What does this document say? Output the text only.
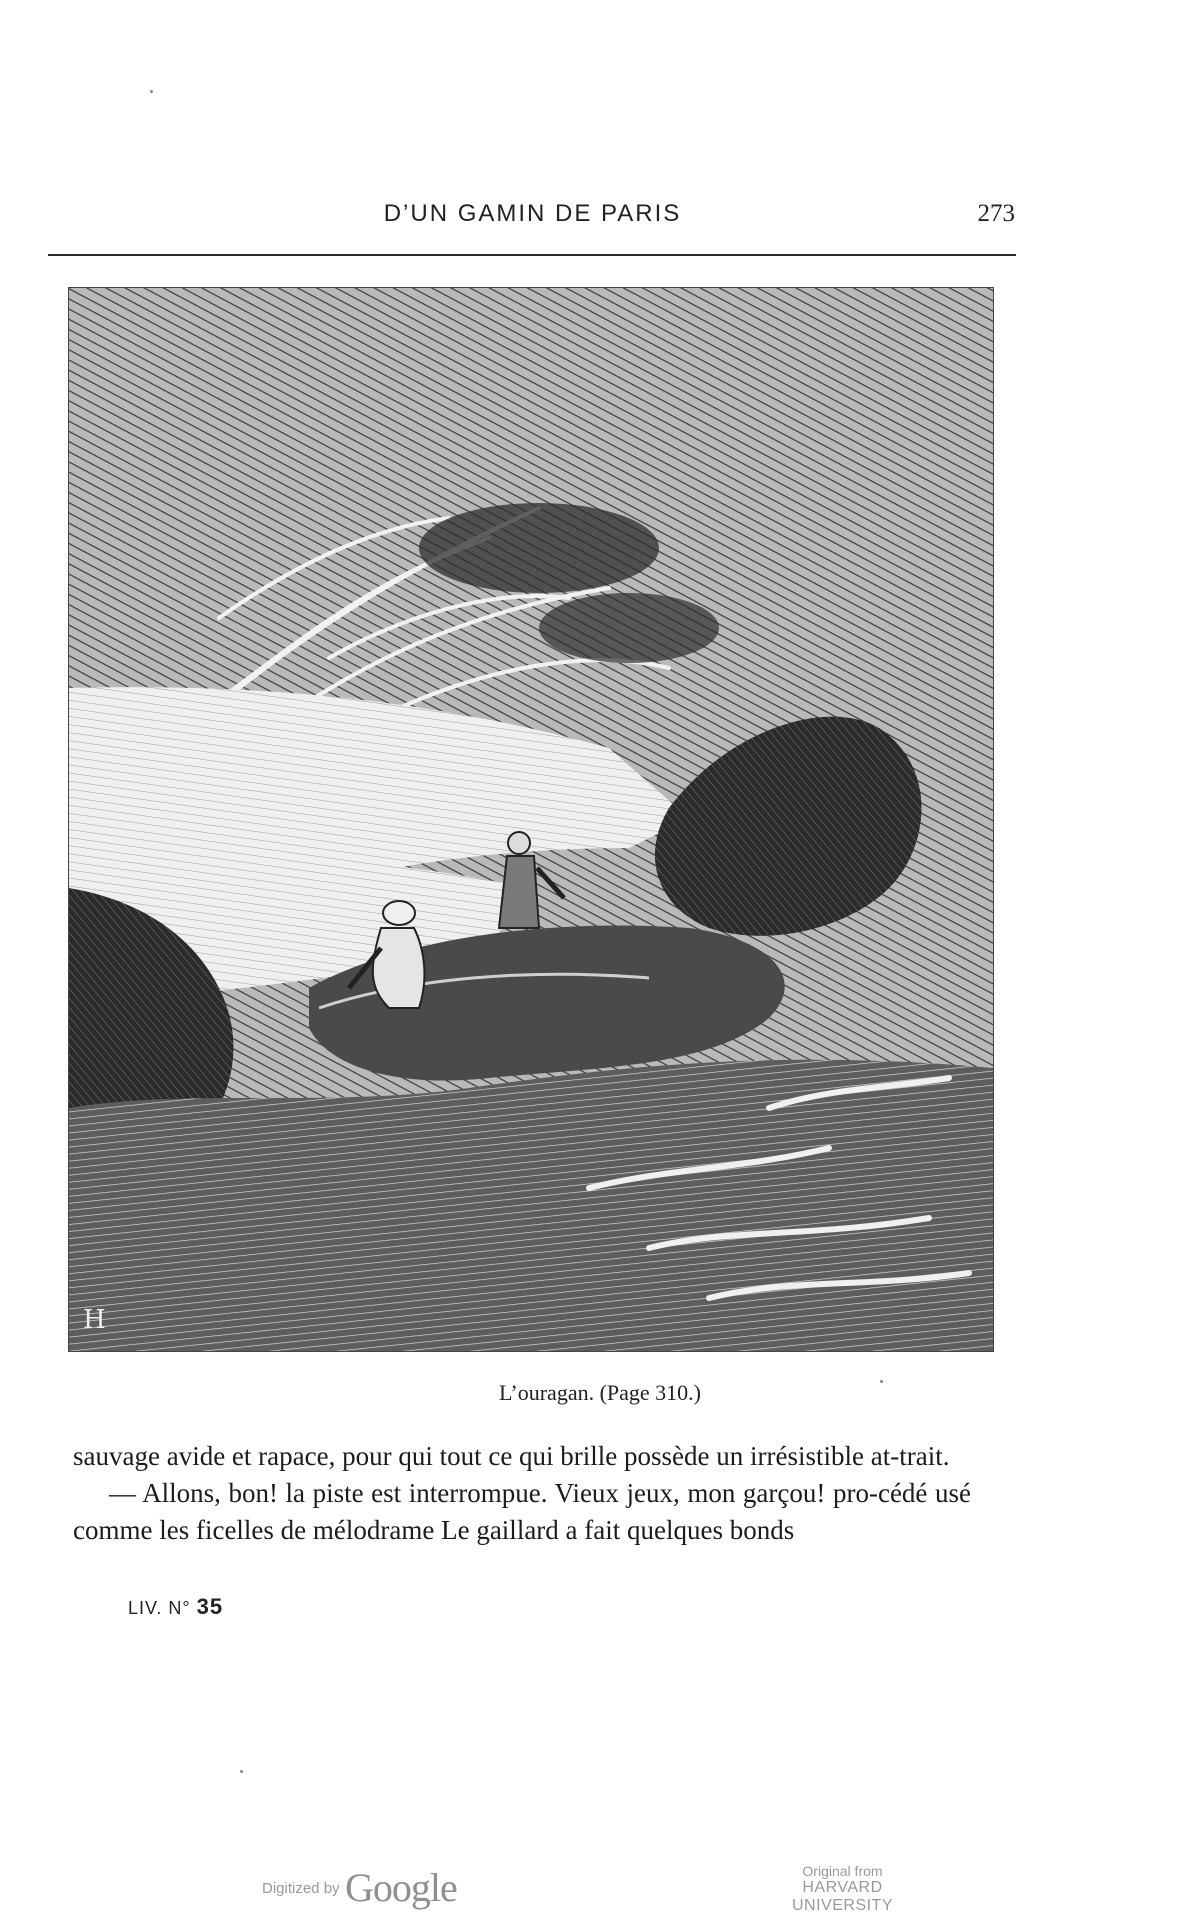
D’UN GAMIN DE PARIS	273
H
L’ouragan. (Page 310.)

sauvage avide et rapace, pour qui tout ce qui brille possède un irrésistible at-trait.

— Allons, bon! la piste est interrompue. Vieux jeux, mon garçou! pro-cédé usé comme les ficelles de mélodrame Le gaillard a fait quelques bonds

LIV. N° 35
Digitized by Google	Original from
HARVARD UNIVERSITY
